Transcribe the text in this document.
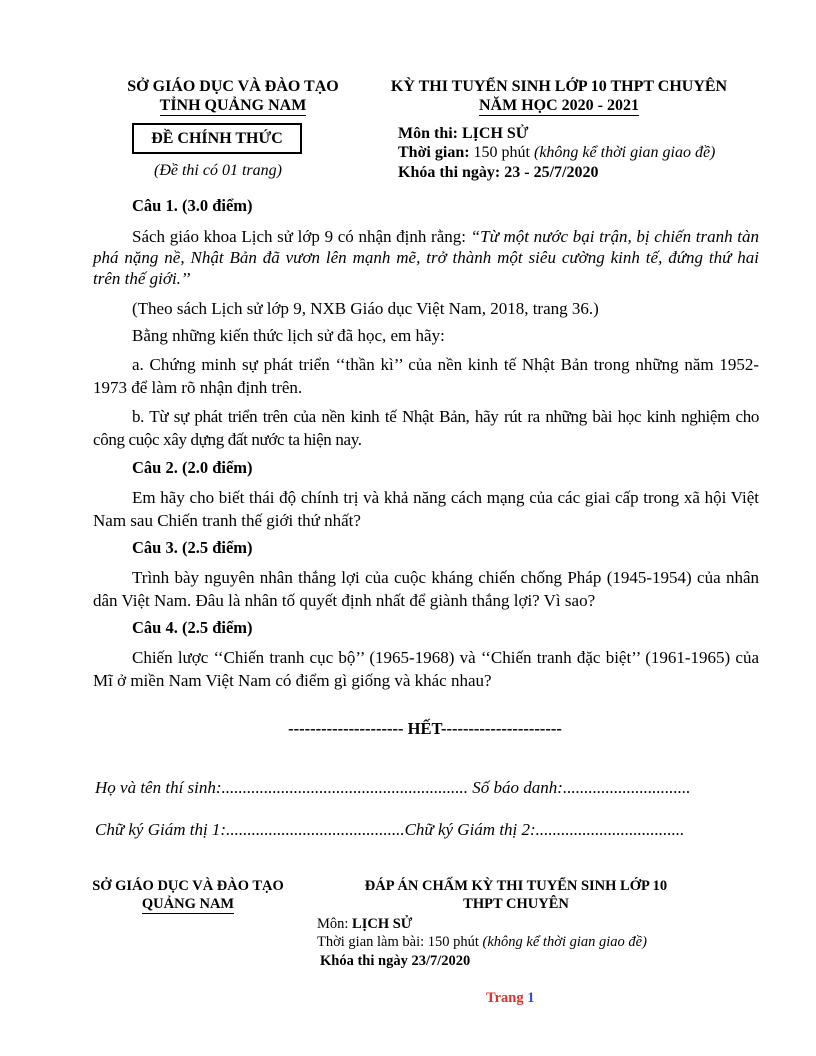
SỞ GIÁO DỤC VÀ ĐÀO TẠO
TỈNH QUẢNG NAM
KỲ THI TUYỂN SINH LỚP 10 THPT CHUYÊN
NĂM HỌC 2020 - 2021
ĐỀ CHÍNH THỨC
(Đề thi có 01 trang)
Môn thi: LỊCH SỬ
Thời gian: 150 phút (không kể thời gian giao đề)
Khóa thi ngày: 23 - 25/7/2020
Câu 1. (3.0 điểm)
Sách giáo khoa Lịch sử lớp 9 có nhận định rằng: “Từ một nước bại trận, bị chiến tranh tàn phá nặng nề, Nhật Bản đã vươn lên mạnh mẽ, trở thành một siêu cường kinh tế, đứng thứ hai trên thế giới.’’
(Theo sách Lịch sử lớp 9, NXB Giáo dục Việt Nam, 2018, trang 36.)
Bằng những kiến thức lịch sử đã học, em hãy:
a. Chứng minh sự phát triển ‘‘thần kì’’ của nền kinh tế Nhật Bản trong những năm 1952-1973 để làm rõ nhận định trên.
b. Từ sự phát triển trên của nền kinh tế Nhật Bản, hãy rút ra những bài học kinh nghiệm cho công cuộc xây dựng đất nước ta hiện nay.
Câu 2. (2.0 điểm)
Em hãy cho biết thái độ chính trị và khả năng cách mạng của các giai cấp trong xã hội Việt Nam sau Chiến tranh thế giới thứ nhất?
Câu 3. (2.5 điểm)
Trình bày nguyên nhân thắng lợi của cuộc kháng chiến chống Pháp (1945-1954) của nhân dân Việt Nam. Đâu là nhân tố quyết định nhất để giành thắng lợi? Vì sao?
Câu 4. (2.5 điểm)
Chiến lược ‘‘Chiến tranh cục bộ’’ (1965-1968) và ‘‘Chiến tranh đặc biệt’’ (1961-1965) của Mĩ ở miền Nam Việt Nam có điểm gì giống và khác nhau?
--------------------- HẾT----------------------
Họ và tên thí sinh:.......................................................... Số báo danh:..............................
Chữ ký Giám thị 1:..........................................Chữ ký Giám thị 2:...................................
SỞ GIÁO DỤC VÀ ĐÀO TẠO
QUẢNG NAM
ĐÁP ÁN CHẤM KỲ THI TUYỂN SINH LỚP 10
THPT CHUYÊN
Môn: LỊCH SỬ
Thời gian làm bài: 150 phút (không kể thời gian giao đề)
Khóa thi ngày 23/7/2020
Trang 1
